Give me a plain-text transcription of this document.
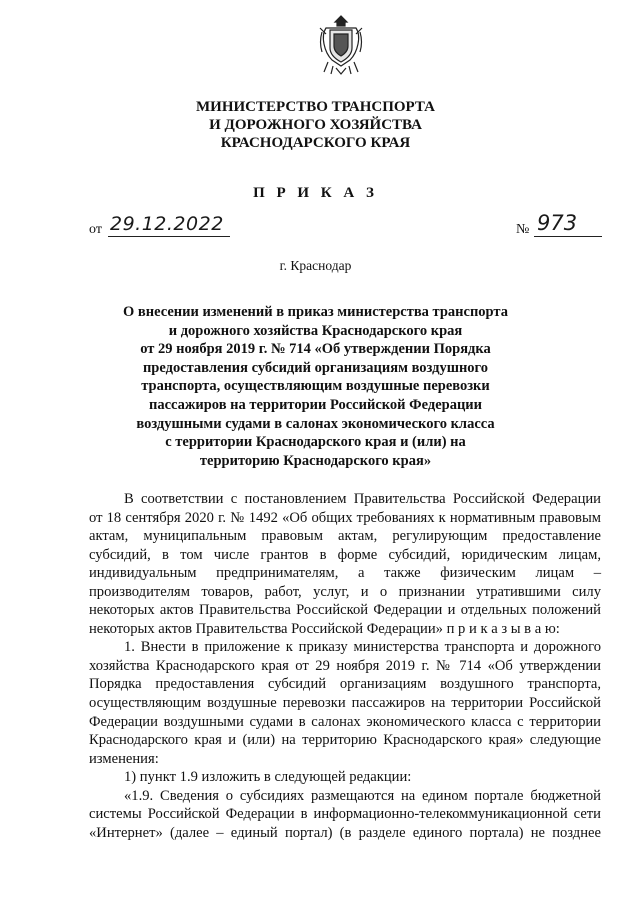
МИНИСТЕРСТВО ТРАНСПОРТА
И ДОРОЖНОГО ХОЗЯЙСТВА
КРАСНОДАРСКОГО КРАЯ
П Р И К А З
от 29.12.2022	№ 973
г. Краснодар
О внесении изменений в приказ министерства транспорта
и дорожного хозяйства Краснодарского края
от 29 ноября 2019 г. № 714 «Об утверждении Порядка
предоставления субсидий организациям воздушного
транспорта, осуществляющим воздушные перевозки
пассажиров на территории Российской Федерации
воздушными судами в салонах экономического класса
с территории Краснодарского края и (или) на
территорию Краснодарского края»
В соответствии с постановлением Правительства Российской Федерации
от 18 сентября 2020 г. № 1492 «Об общих требованиях к нормативным правовым
актам, муниципальным правовым актам, регулирующим предоставление
субсидий, в том числе грантов в форме субсидий, юридическим лицам,
индивидуальным предпринимателям, а также физическим лицам –
производителям товаров, работ, услуг, и о признании утратившими силу
некоторых актов Правительства Российской Федерации и отдельных положений
некоторых актов Правительства Российской Федерации» п р и к а з ы в а ю:
1. Внести в приложение к приказу министерства транспорта и дорожного
хозяйства Краснодарского края от 29 ноября 2019 г. № 714 «Об утверждении
Порядка предоставления субсидий организациям воздушного транспорта,
осуществляющим воздушные перевозки пассажиров на территории Российской
Федерации воздушными судами в салонах экономического класса с территории
Краснодарского края и (или) на территорию Краснодарского края» следующие
изменения:
1) пункт 1.9 изложить в следующей редакции:
«1.9. Сведения о субсидиях размещаются на едином портале бюджетной
системы Российской Федерации в информационно-телекоммуникационной сети
«Интернет» (далее – единый портал) (в разделе единого портала) не позднее
